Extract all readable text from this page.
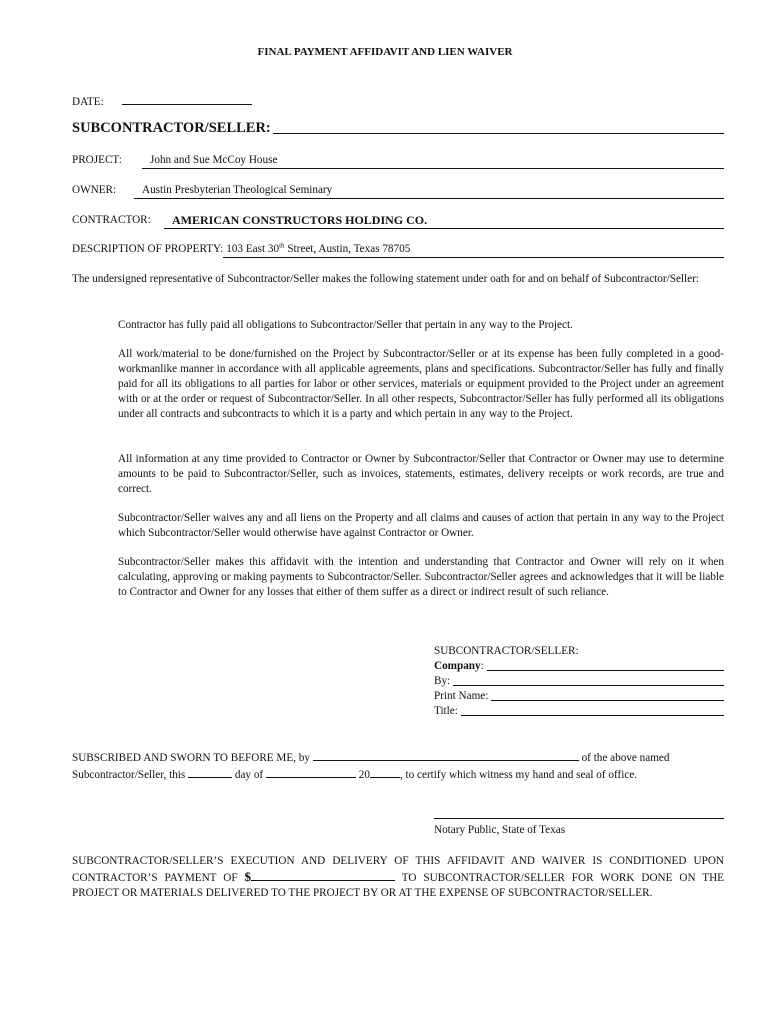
FINAL PAYMENT AFFIDAVIT AND LIEN WAIVER
DATE:
SUBCONTRACTOR/SELLER:
PROJECT:	John and Sue McCoy House
OWNER:	Austin Presbyterian Theological Seminary
CONTRACTOR:	AMERICAN CONSTRUCTORS HOLDING CO.
DESCRIPTION OF PROPERTY: 103 East 30th Street, Austin, Texas 78705
The undersigned representative of Subcontractor/Seller makes the following statement under oath for and on behalf of Subcontractor/Seller:
Contractor has fully paid all obligations to Subcontractor/Seller that pertain in any way to the Project.
All work/material to be done/furnished on the Project by Subcontractor/Seller or at its expense has been fully completed in a good-workmanlike manner in accordance with all applicable agreements, plans and specifications. Subcontractor/Seller has fully and finally paid for all its obligations to all parties for labor or other services, materials or equipment provided to the Project under an agreement with or at the order or request of Subcontractor/Seller. In all other respects, Subcontractor/Seller has fully performed all its obligations under all contracts and subcontracts to which it is a party and which pertain in any way to the Project.
All information at any time provided to Contractor or Owner by Subcontractor/Seller that Contractor or Owner may use to determine amounts to be paid to Subcontractor/Seller, such as invoices, statements, estimates, delivery receipts or work records, are true and correct.
Subcontractor/Seller waives any and all liens on the Property and all claims and causes of action that pertain in any way to the Project which Subcontractor/Seller would otherwise have against Contractor or Owner.
Subcontractor/Seller makes this affidavit with the intention and understanding that Contractor and Owner will rely on it when calculating, approving or making payments to Subcontractor/Seller. Subcontractor/Seller agrees and acknowledges that it will be liable to Contractor and Owner for any losses that either of them suffer as a direct or indirect result of such reliance.
SUBCONTRACTOR/SELLER:
Company :
By:
Print Name:
Title:
SUBSCRIBED AND SWORN TO BEFORE ME, by	of the above named
Subcontractor/Seller, this	day of	20	, to certify which witness my hand and seal of office.
Notary Public, State of Texas
SUBCONTRACTOR/SELLER’S EXECUTION AND DELIVERY OF THIS AFFIDAVIT AND WAIVER IS CONDITIONED UPON CONTRACTOR’S PAYMENT OF $	TO SUBCONTRACTOR/SELLER FOR WORK DONE ON THE PROJECT OR MATERIALS DELIVERED TO THE PROJECT BY OR AT THE EXPENSE OF SUBCONTRACTOR/SELLER.
